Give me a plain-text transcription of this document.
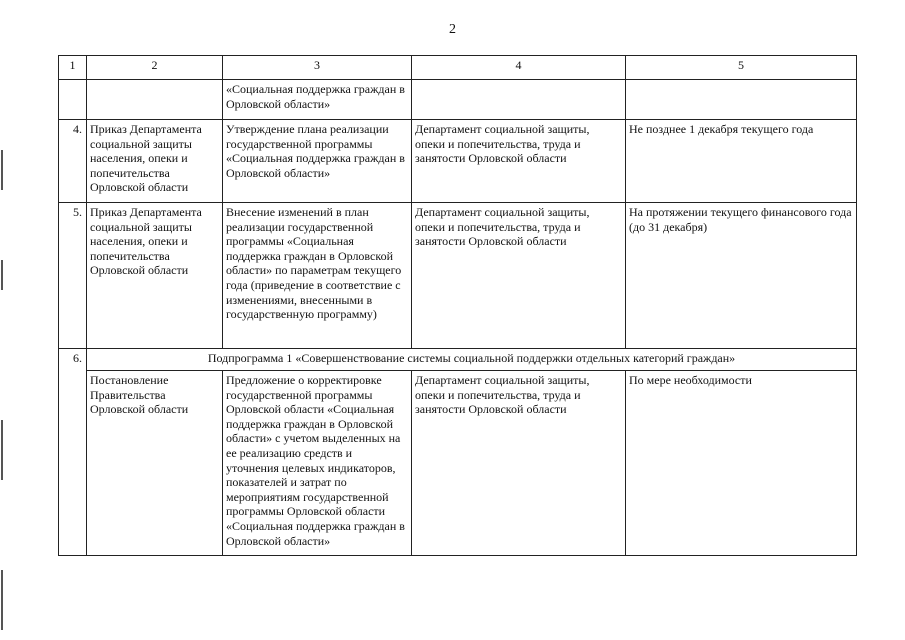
2
1	2	3	4	5
		«Социальная поддержка граждан в Орловской области»		
4.	Приказ Департамента социальной защиты населения, опеки и попечительства Орловской области	Утверждение плана реализации государственной программы «Социальная поддержка граждан в Орловской области»	Департамент социальной защиты, опеки и попечительства, труда и занятости Орловской области	Не позднее 1 декабря текущего года
5.	Приказ Департамента социальной защиты населения, опеки и попечительства Орловской области	Внесение изменений в план реализации государственной программы «Социальная поддержка граждан в Орловской области» по параметрам текущего года (приведение в соответствие с изменениями, внесенными в государственную программу)	Департамент социальной защиты, опеки и попечительства, труда и занятости Орловской области	На протяжении текущего финансового года (до 31 декабря)
6.	Подпрограмма 1 «Совершенствование системы социальной поддержки отдельных категорий граждан»			
	Постановление Правительства Орловской области	Предложение о корректировке государственной программы Орловской области «Социальная поддержка граждан в Орловской области» с учетом выделенных на ее реализацию средств и уточнения целевых индикаторов, показателей и затрат по мероприятиям государственной программы Орловской области «Социальная поддержка граждан в Орловской области»	Департамент социальной защиты, опеки и попечительства, труда и занятости Орловской области	По мере необходимости
